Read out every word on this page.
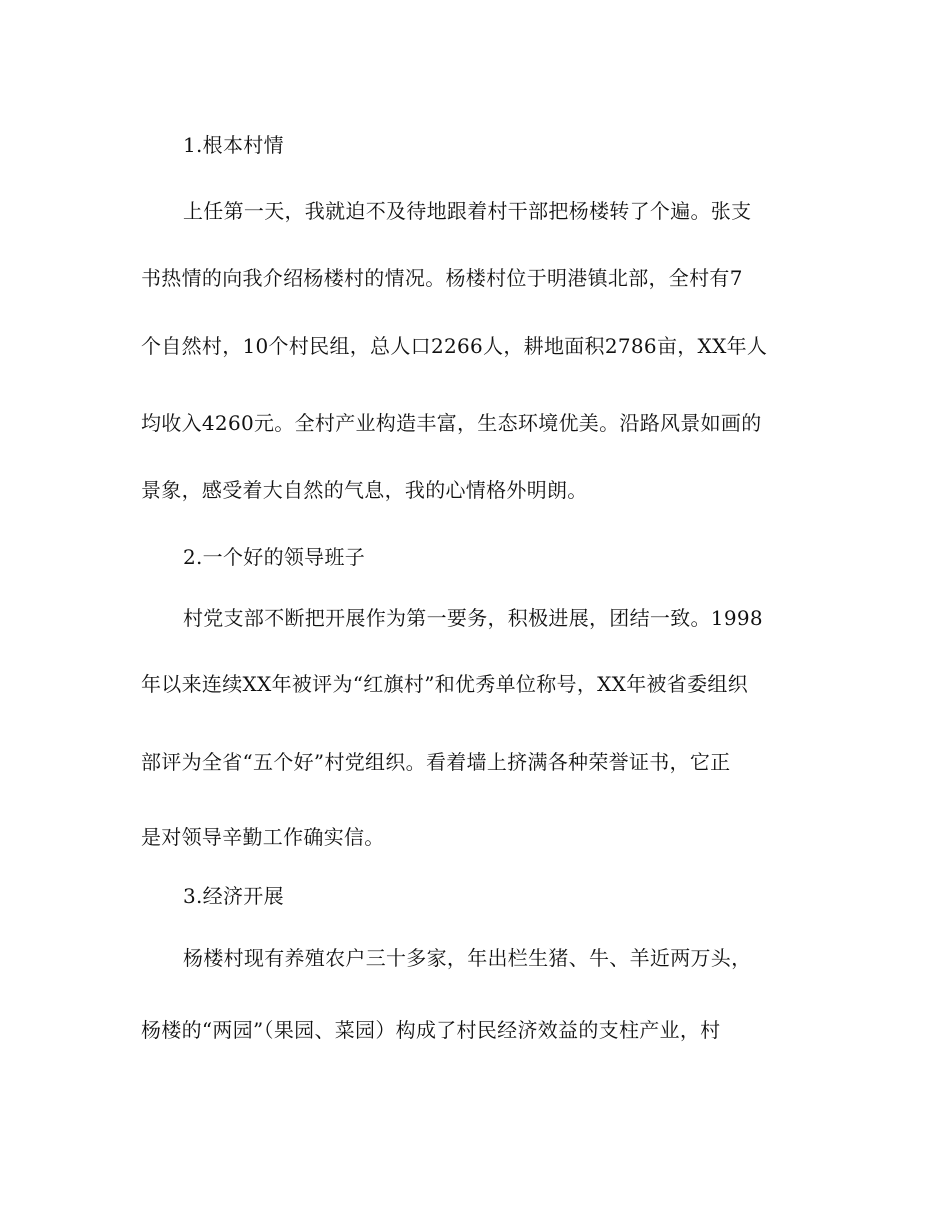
1.根本村情
上任第一天，我就迫不及待地跟着村干部把杨楼转了个遍。张支
书热情的向我介绍杨楼村的情况。杨楼村位于明港镇北部，全村有7
个自然村，10个村民组，总人口2266人，耕地面积2786亩，XX年人
均收入4260元。全村产业构造丰富，生态环境优美。沿路风景如画的
景象，感受着大自然的气息，我的心情格外明朗。
2.一个好的领导班子
村党支部不断把开展作为第一要务，积极进展，团结一致。1998
年以来连续XX年被评为“红旗村”和优秀单位称号，XX年被省委组织
部评为全省“五个好”村党组织。看着墙上挤满各种荣誉证书，它正
是对领导辛勤工作确实信。
3.经济开展
杨楼村现有养殖农户三十多家，年出栏生猪、牛、羊近两万头，
杨楼的“两园”（果园、菜园）构成了村民经济效益的支柱产业，村
